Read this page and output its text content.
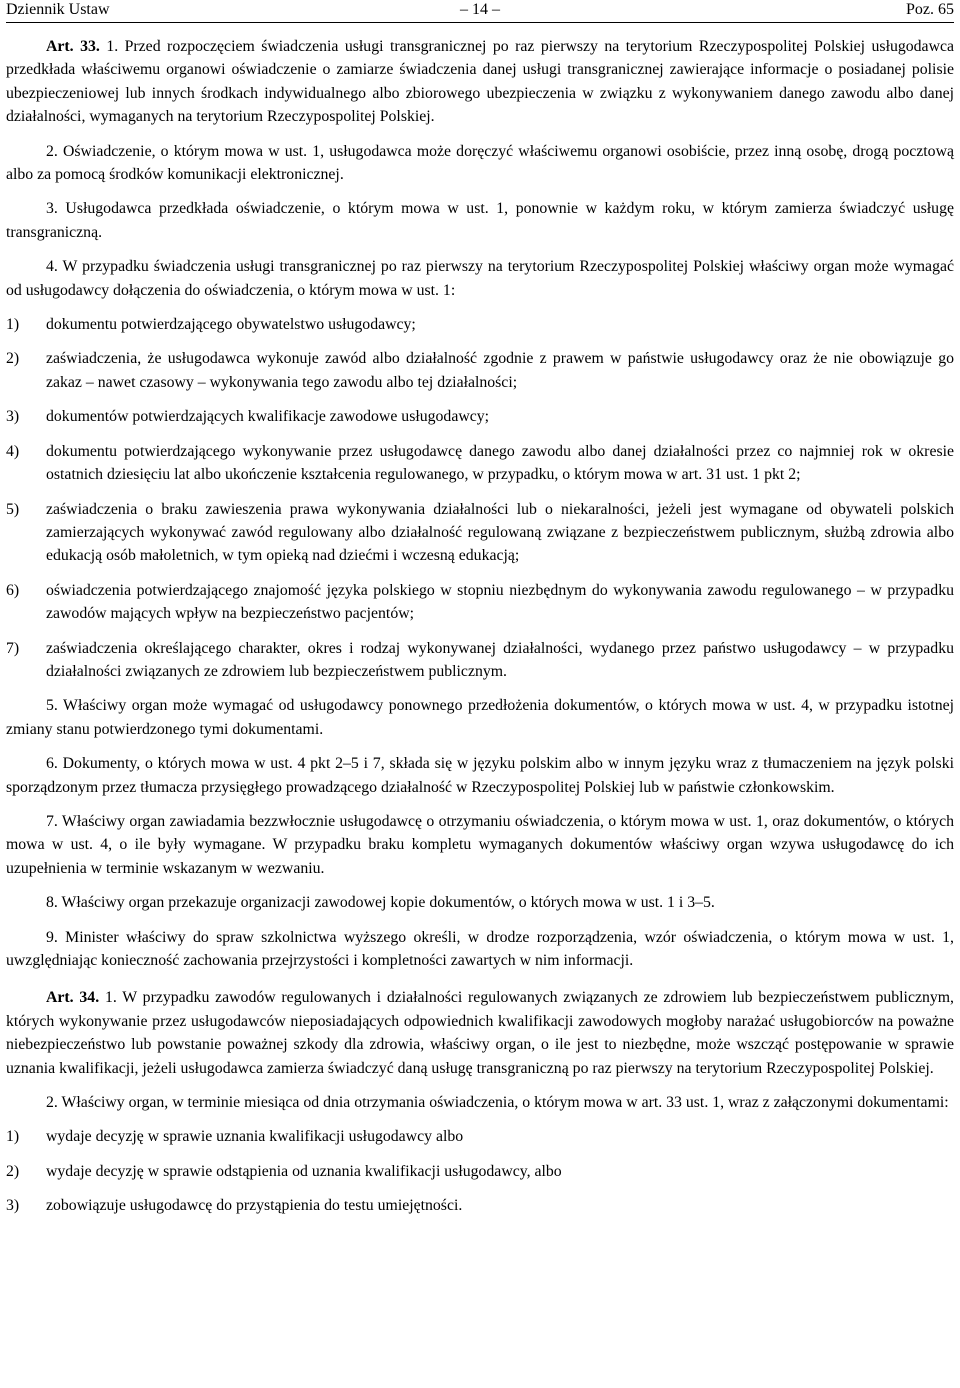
Dziennik Ustaw	– 14 –	Poz. 65

Art. 33. 1. Przed rozpoczęciem świadczenia usługi transgranicznej po raz pierwszy na terytorium Rzeczypospolitej Polskiej usługodawca przedkłada właściwemu organowi oświadczenie o zamiarze świadczenia danej usługi transgranicznej zawierające informacje o posiadanej polisie ubezpieczeniowej lub innych środkach indywidualnego albo zbiorowego ubezpieczenia w związku z wykonywaniem danego zawodu albo danej działalności, wymaganych na terytorium Rzeczypospolitej Polskiej.

2. Oświadczenie, o którym mowa w ust. 1, usługodawca może doręczyć właściwemu organowi osobiście, przez inną osobę, drogą pocztową albo za pomocą środków komunikacji elektronicznej.

3. Usługodawca przedkłada oświadczenie, o którym mowa w ust. 1, ponownie w każdym roku, w którym zamierza świadczyć usługę transgraniczną.

4. W przypadku świadczenia usługi transgranicznej po raz pierwszy na terytorium Rzeczypospolitej Polskiej właściwy organ może wymagać od usługodawcy dołączenia do oświadczenia, o którym mowa w ust. 1:

1)	dokumentu potwierdzającego obywatelstwo usługodawcy;
2)	zaświadczenia, że usługodawca wykonuje zawód albo działalność zgodnie z prawem w państwie usługodawcy oraz że nie obowiązuje go zakaz – nawet czasowy – wykonywania tego zawodu albo tej działalności;
3)	dokumentów potwierdzających kwalifikacje zawodowe usługodawcy;
4)	dokumentu potwierdzającego wykonywanie przez usługodawcę danego zawodu albo danej działalności przez co najmniej rok w okresie ostatnich dziesięciu lat albo ukończenie kształcenia regulowanego, w przypadku, o którym mowa w art. 31 ust. 1 pkt 2;
5)	zaświadczenia o braku zawieszenia prawa wykonywania działalności lub o niekaralności, jeżeli jest wymagane od obywateli polskich zamierzających wykonywać zawód regulowany albo działalność regulowaną związane z bezpieczeństwem publicznym, służbą zdrowia albo edukacją osób małoletnich, w tym opieką nad dziećmi i wczesną edukacją;
6)	oświadczenia potwierdzającego znajomość języka polskiego w stopniu niezbędnym do wykonywania zawodu regulowanego – w przypadku zawodów mających wpływ na bezpieczeństwo pacjentów;
7)	zaświadczenia określającego charakter, okres i rodzaj wykonywanej działalności, wydanego przez państwo usługodawcy – w przypadku działalności związanych ze zdrowiem lub bezpieczeństwem publicznym.

5. Właściwy organ może wymagać od usługodawcy ponownego przedłożenia dokumentów, o których mowa w ust. 4, w przypadku istotnej zmiany stanu potwierdzonego tymi dokumentami.

6. Dokumenty, o których mowa w ust. 4 pkt 2–5 i 7, składa się w języku polskim albo w innym języku wraz z tłumaczeniem na język polski sporządzonym przez tłumacza przysięgłego prowadzącego działalność w Rzeczypospolitej Polskiej lub w państwie członkowskim.

7. Właściwy organ zawiadamia bezzwłocznie usługodawcę o otrzymaniu oświadczenia, o którym mowa w ust. 1, oraz dokumentów, o których mowa w ust. 4, o ile były wymagane. W przypadku braku kompletu wymaganych dokumentów właściwy organ wzywa usługodawcę do ich uzupełnienia w terminie wskazanym w wezwaniu.

8. Właściwy organ przekazuje organizacji zawodowej kopie dokumentów, o których mowa w ust. 1 i 3–5.

9. Minister właściwy do spraw szkolnictwa wyższego określi, w drodze rozporządzenia, wzór oświadczenia, o którym mowa w ust. 1, uwzględniając konieczność zachowania przejrzystości i kompletności zawartych w nim informacji.

Art. 34. 1. W przypadku zawodów regulowanych i działalności regulowanych związanych ze zdrowiem lub bezpieczeństwem publicznym, których wykonywanie przez usługodawców nieposiadających odpowiednich kwalifikacji zawodowych mogłoby narażać usługobiorców na poważne niebezpieczeństwo lub powstanie poważnej szkody dla zdrowia, właściwy organ, o ile jest to niezbędne, może wszcząć postępowanie w sprawie uznania kwalifikacji, jeżeli usługodawca zamierza świadczyć daną usługę transgraniczną po raz pierwszy na terytorium Rzeczypospolitej Polskiej.

2. Właściwy organ, w terminie miesiąca od dnia otrzymania oświadczenia, o którym mowa w art. 33 ust. 1, wraz z załączonymi dokumentami:

1)	wydaje decyzję w sprawie uznania kwalifikacji usługodawcy albo
2)	wydaje decyzję w sprawie odstąpienia od uznania kwalifikacji usługodawcy, albo
3)	zobowiązuje usługodawcę do przystąpienia do testu umiejętności.
